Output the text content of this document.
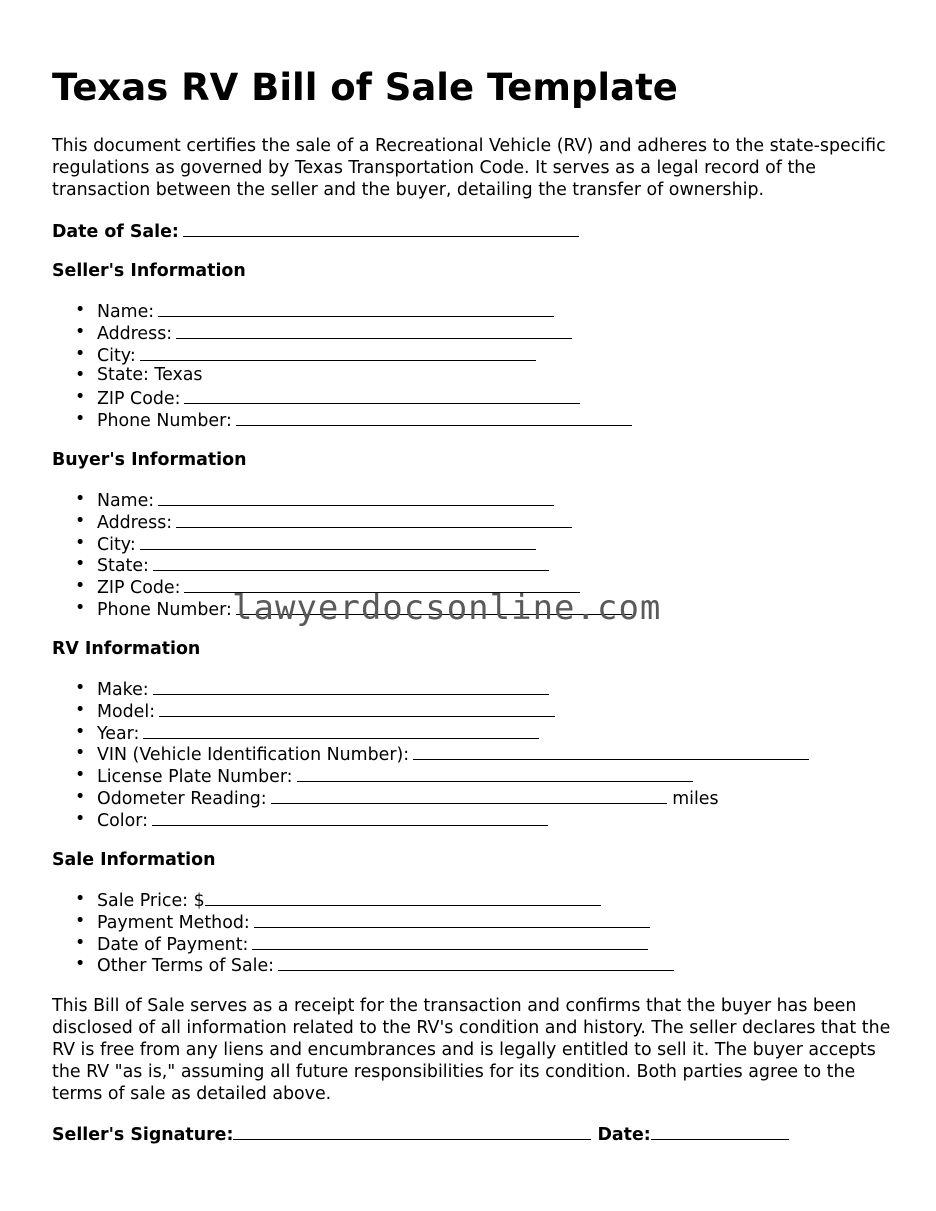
Texas RV Bill of Sale Template

This document certifies the sale of a Recreational Vehicle (RV) and adheres to the state-specific regulations as governed by Texas Transportation Code. It serves as a legal record of the transaction between the seller and the buyer, detailing the transfer of ownership.

Date of Sale:
Seller's Information
• Name:
• Address:
• City:
• State: Texas
• ZIP Code:
• Phone Number:
Buyer's Information
• Name:
• Address:
• City:
• State:
• ZIP Code:
• Phone Number:
RV Information
• Make:
• Model:
• Year:
• VIN (Vehicle Identification Number):
• License Plate Number:
• Odometer Reading:	miles
• Color:
Sale Information
• Sale Price: $
• Payment Method:
• Date of Payment:
• Other Terms of Sale:

This Bill of Sale serves as a receipt for the transaction and confirms that the buyer has been disclosed of all information related to the RV's condition and history. The seller declares that the RV is free from any liens and encumbrances and is legally entitled to sell it. The buyer accepts the RV "as is," assuming all future responsibilities for its condition. Both parties agree to the terms of sale as detailed above.

Seller's Signature:	Date:
lawyerdocsonline.com
